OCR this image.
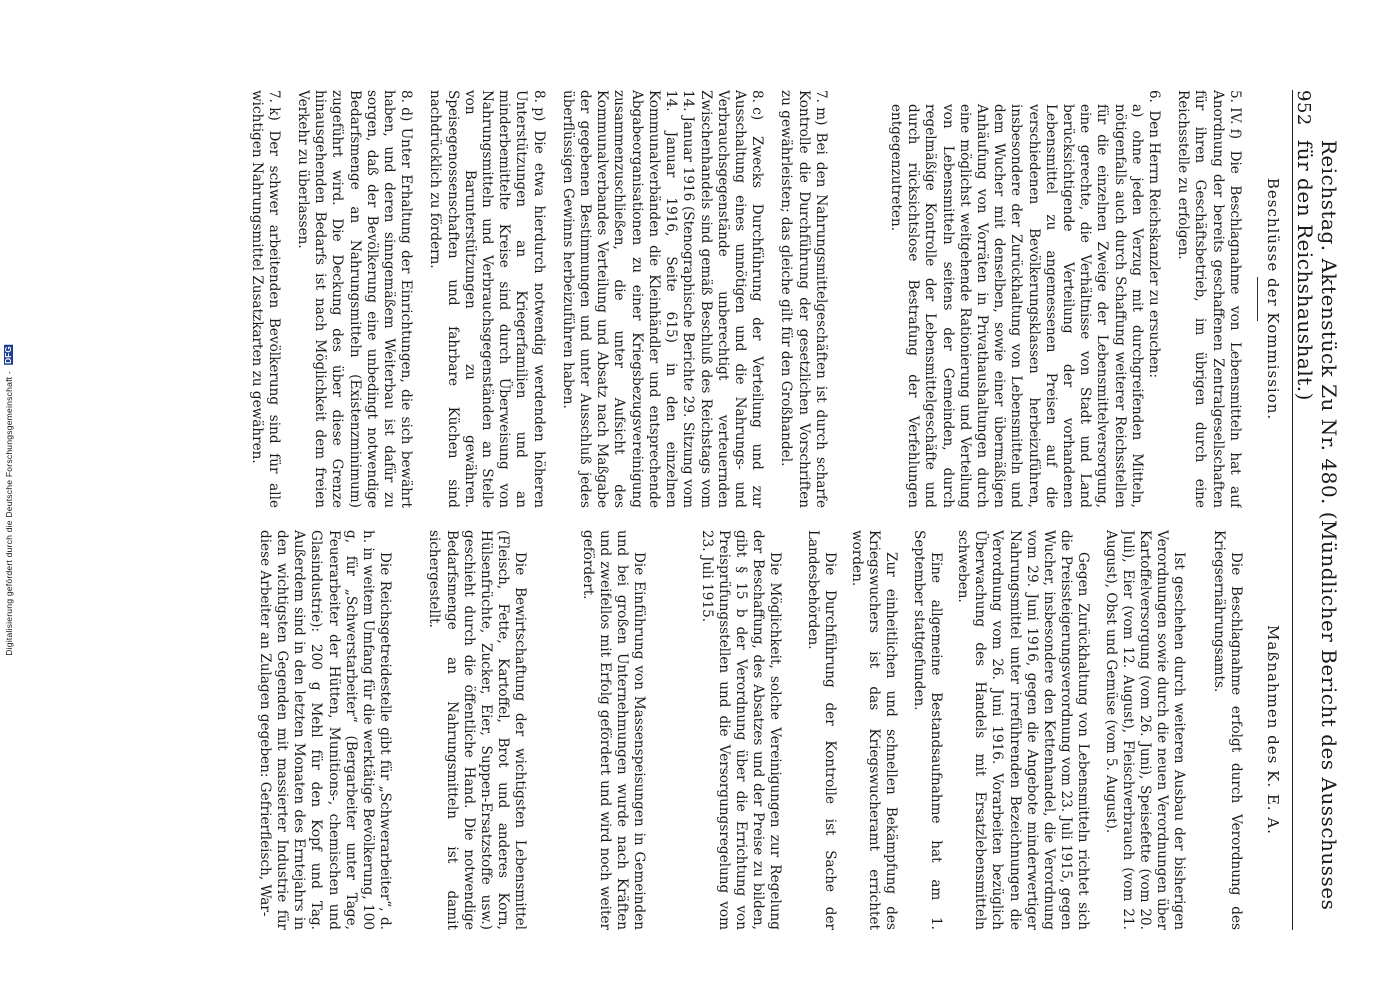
952
Reichstag. Aktenstück Zu Nr. 480. (Mündlicher Bericht des Ausschusses für den Reichshaushalt.)
Beschlüsse der Kommission.

5. IV. f) Die Beschlagnahme von Lebensmitteln hat auf Anordnung der bereits geschaffenen Zentralgesellschaften für ihren Geschäftsbetrieb, im übrigen durch eine Reichsstelle zu erfolgen.

6. Den Herrn Reichskanzler zu ersuchen:

a) ohne jeden Verzug mit durchgreifenden Mitteln, nötigenfalls auch durch Schaffung weiterer Reichsstellen für die einzelnen Zweige der Lebensmittelversorgung, eine gerechte, die Verhältnisse von Stadt und Land berücksichtigende Verteilung der vorhandenen Lebensmittel zu angemessenen Preisen auf die verschiedenen Bevölkerungsklassen herbeizuführen, insbesondere der Zurückhaltung von Lebensmitteln und dem Wucher mit denselben, sowie einer übermäßigen Anhäufung von Vorräten in Privathaushaltungen durch eine möglichst weitgehende Rationierung und Verteilung von Lebensmitteln seitens der Gemeinden, durch regelmäßige Kontrolle der Lebensmittelgeschäfte und durch rücksichtslose Bestrafung der Verfehlungen entgegenzutreten.

7. m) Bei den Nahrungsmittelgeschäften ist durch scharfe Kontrolle die Durchführung der gesetzlichen Vorschriften zu gewährleisten; das gleiche gilt für den Großhandel.

8. c) Zwecks Durchführung der Verteilung und zur Ausschaltung eines unnötigen und die Nahrungs- und Verbrauchsgegenstände unberechtigt verteuernden Zwischenhandels sind gemäß Beschluß des Reichstags vom 14. Januar 1916 (Stenographische Berichte 29. Sitzung vom 14. Januar 1916, Seite 615) in den einzelnen Kommunalverbänden die Kleinhändler und entsprechende Abgabeorganisationen zu einer Kriegsbezugsvereinigung zusammenzuschließen, die unter Aufsicht des Kommunalverbandes Verteilung und Absatz nach Maßgabe der gegebenen Bestimmungen und unter Ausschluß jedes überflüssigen Gewinns herbeizuführen haben.

8. p) Die etwa hierdurch notwendig werdenden höheren Unterstützungen an Kriegerfamilien und an minderbemittelte Kreise sind durch Überweisung von Nahrungsmitteln und Verbrauchsgegenständen an Stelle von Barunterstützungen zu gewähren. Speisegenossenschaften und fahrbare Küchen sind nachdrücklich zu fördern.

8. d) Unter Erhaltung der Einrichtungen, die sich bewährt haben, und deren sinngemäßem Weiterbau ist dafür zu sorgen, daß der Bevölkerung eine unbedingt notwendige Bedarfsmenge an Nahrungsmitteln (Existenzminimum) zugeführt wird. Die Deckung des über diese Grenze hinausgehenden Bedarfs ist nach Möglichkeit dem freien Verkehr zu überlassen.

7. k) Der schwer arbeitenden Bevölkerung sind für alle wichtigen Nahrungsmittel Zusatzkarten zu gewähren.

Maßnahmen des K. E. A.

Die Beschlagnahme erfolgt durch Verordnung des Kriegsernährungsamts.

Ist geschehen durch weiteren Ausbau der bisherigen Verordnungen sowie durch die neuen Verordnungen über Kartoffelversorgung (vom 26. Juni), Speisefette (vom 20. Juli), Eier (vom 12. August), Fleischverbrauch (vom 21. August), Obst und Gemüse (vom 5. August).

Gegen Zurückhaltung von Lebensmitteln richtet sich die Preissteigerungsverordnung vom 23. Juli 1915, gegen Wucher, insbesondere den Kettenhandel, die Verordnung vom 29. Juni 1916, gegen die Angebote minderwertiger Nahrungsmittel unter irreführenden Bezeichnungen die Verordnung vom 26. Juni 1916. Vorarbeiten bezüglich Überwachung des Handels mit Ersatzlebensmitteln schweben.

Eine allgemeine Bestandsaufnahme hat am 1. September stattgefunden.

Zur einheitlichen und schnellen Bekämpfung des Kriegswuchers ist das Kriegswucheramt errichtet worden.

Die Durchführung der Kontrolle ist Sache der Landesbehörden.

Die Möglichkeit, solche Vereinigungen zur Regelung der Beschaffung, des Absatzes und der Preise zu bilden, gibt § 15 b der Verordnung über die Errichtung von Preisprüfungsstellen und die Versorgungsregelung vom 23. Juli 1915.

Die Einführung von Massenspeisungen in Gemeinden und bei großen Unternehmungen wurde nach Kräften und zweifellos mit Erfolg gefördert und wird noch weiter gefördert.

Die Bewirtschaftung der wichtigsten Lebensmittel (Fleisch, Fette, Kartoffel, Brot und anderes Korn, Hülsenfrüchte, Zucker, Eier, Suppen-Ersatzstoffe usw.) geschieht durch die öffentliche Hand. Die notwendige Bedarfsmenge an Nahrungsmitteln ist damit sichergestellt.

Die Reichsgetreidestelle gibt für „Schwerarbeiter“, d. h. in weitem Umfang für die werktätige Bevölkerung, 100 g, für „Schwerstarbeiter“ (Bergarbeiter unter Tage, Feuerarbeiter der Hütten, Munitions-, chemischen und Glasindustrie): 200 g Mehl für den Kopf und Tag. Außerdem sind in den letzten Monaten des Erntejahrs in den wichtigsten Gegenden mit massierter Industrie für diese Arbeiter an Zulagen gegeben: Gefrierfleisch, War-

Digitalisierung gefördert durch die Deutsche Forschungsgemeinschaft - DFG
